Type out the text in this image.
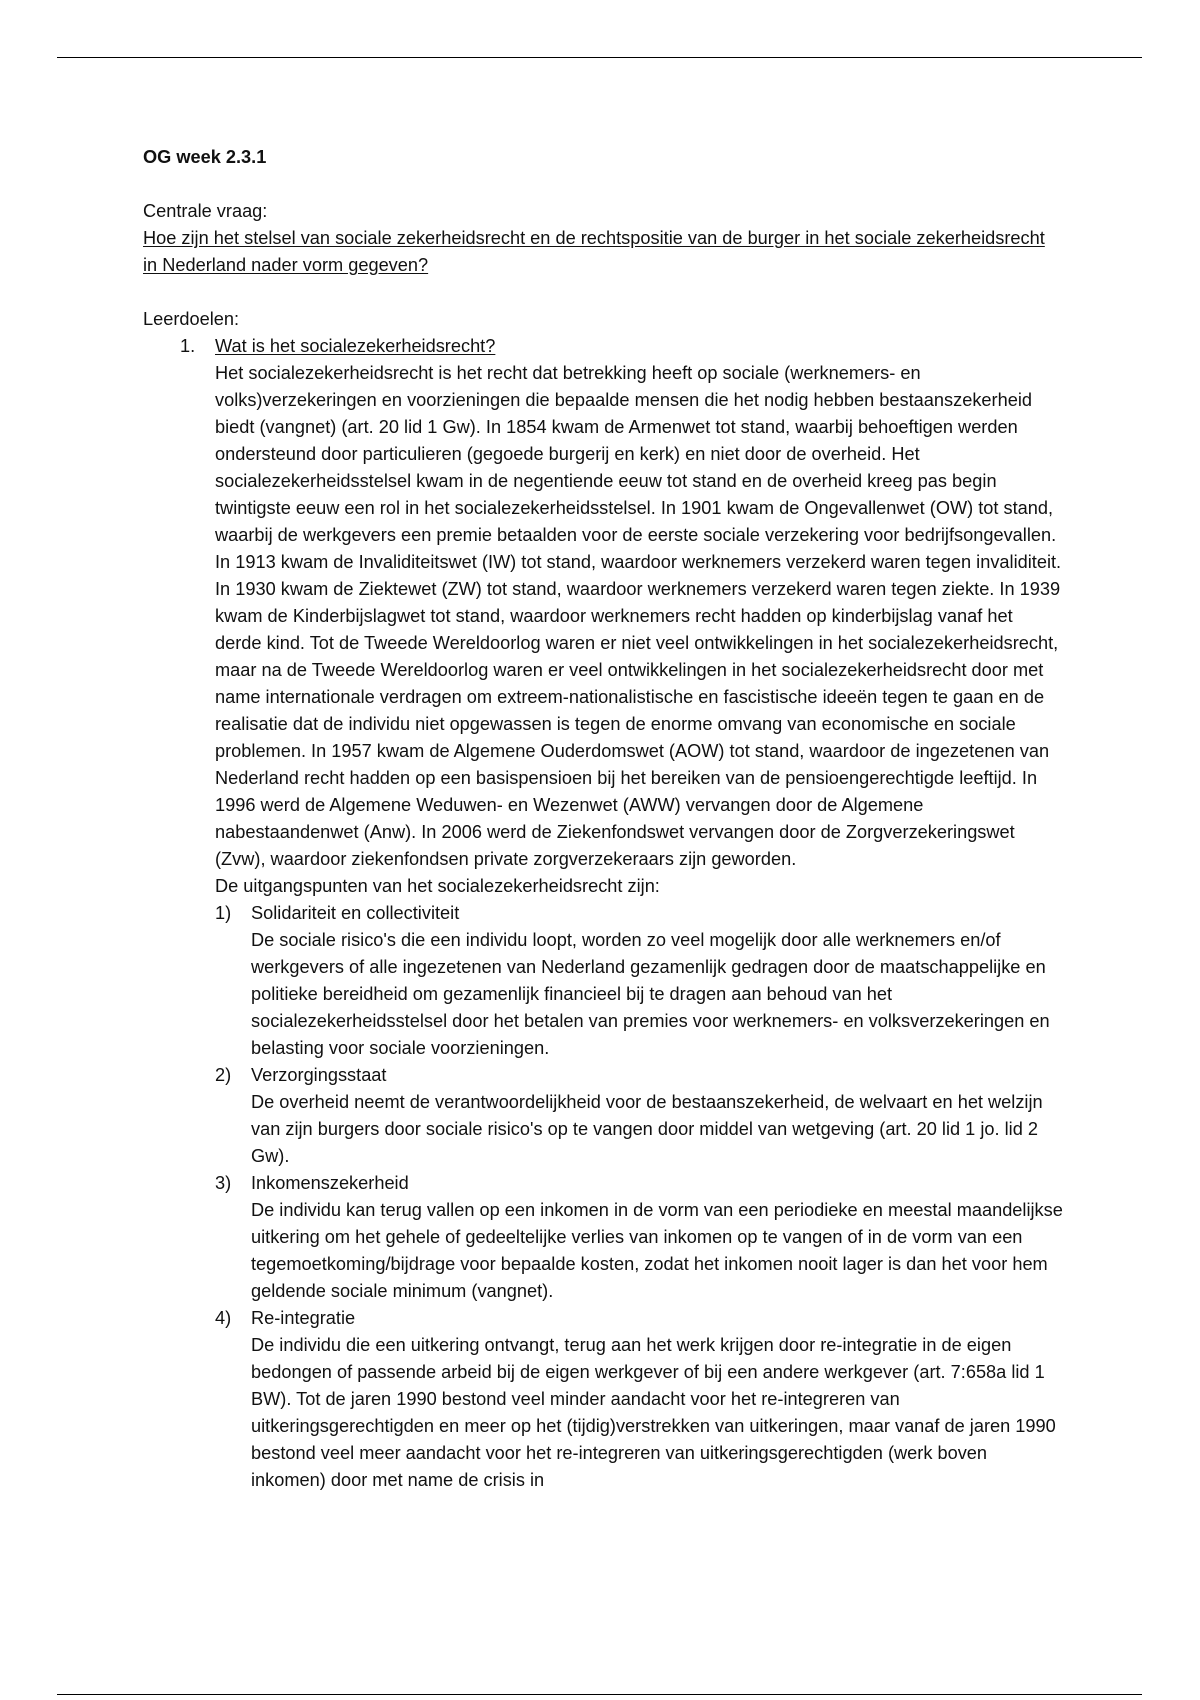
OG week 2.3.1

Centrale vraag:

Hoe zijn het stelsel van sociale zekerheidsrecht en de rechtspositie van de burger in het sociale zekerheidsrecht in Nederland nader vorm gegeven?

Leerdoelen:

1. Wat is het socialezekerheidsrecht?

Het socialezekerheidsrecht is het recht dat betrekking heeft op sociale (werknemers- en volks)verzekeringen en voorzieningen die bepaalde mensen die het nodig hebben bestaanszekerheid biedt (vangnet) (art. 20 lid 1 Gw). In 1854 kwam de Armenwet tot stand, waarbij behoeftigen werden ondersteund door particulieren (gegoede burgerij en kerk) en niet door de overheid. Het socialezekerheidsstelsel kwam in de negentiende eeuw tot stand en de overheid kreeg pas begin twintigste eeuw een rol in het socialezekerheidsstelsel. In 1901 kwam de Ongevallenwet (OW) tot stand, waarbij de werkgevers een premie betaalden voor de eerste sociale verzekering voor bedrijfsongevallen. In 1913 kwam de Invaliditeitswet (IW) tot stand, waardoor werknemers verzekerd waren tegen invaliditeit. In 1930 kwam de Ziektewet (ZW) tot stand, waardoor werknemers verzekerd waren tegen ziekte. In 1939 kwam de Kinderbijslagwet tot stand, waardoor werknemers recht hadden op kinderbijslag vanaf het derde kind. Tot de Tweede Wereldoorlog waren er niet veel ontwikkelingen in het socialezekerheidsrecht, maar na de Tweede Wereldoorlog waren er veel ontwikkelingen in het socialezekerheidsrecht door met name internationale verdragen om extreem-nationalistische en fascistische ideeën tegen te gaan en de realisatie dat de individu niet opgewassen is tegen de enorme omvang van economische en sociale problemen. In 1957 kwam de Algemene Ouderdomswet (AOW) tot stand, waardoor de ingezetenen van Nederland recht hadden op een basispensioen bij het bereiken van de pensioengerechtigde leeftijd. In 1996 werd de Algemene Weduwen- en Wezenwet (AWW) vervangen door de Algemene nabestaandenwet (Anw). In 2006 werd de Ziekenfondswet vervangen door de Zorgverzekeringswet (Zvw), waardoor ziekenfondsen private zorgverzekeraars zijn geworden.

De uitgangspunten van het socialezekerheidsrecht zijn:

1) Solidariteit en collectiviteit

De sociale risico's die een individu loopt, worden zo veel mogelijk door alle werknemers en/of werkgevers of alle ingezetenen van Nederland gezamenlijk gedragen door de maatschappelijke en politieke bereidheid om gezamenlijk financieel bij te dragen aan behoud van het socialezekerheidsstelsel door het betalen van premies voor werknemers- en volksverzekeringen en belasting voor sociale voorzieningen.

2) Verzorgingsstaat

De overheid neemt de verantwoordelijkheid voor de bestaanszekerheid, de welvaart en het welzijn van zijn burgers door sociale risico's op te vangen door middel van wetgeving (art. 20 lid 1 jo. lid 2 Gw).

3) Inkomenszekerheid

De individu kan terug vallen op een inkomen in de vorm van een periodieke en meestal maandelijkse uitkering om het gehele of gedeeltelijke verlies van inkomen op te vangen of in de vorm van een tegemoetkoming/bijdrage voor bepaalde kosten, zodat het inkomen nooit lager is dan het voor hem geldende sociale minimum (vangnet).

4) Re-integratie

De individu die een uitkering ontvangt, terug aan het werk krijgen door re-integratie in de eigen bedongen of passende arbeid bij de eigen werkgever of bij een andere werkgever (art. 7:658a lid 1 BW). Tot de jaren 1990 bestond veel minder aandacht voor het re-integreren van uitkeringsgerechtigden en meer op het (tijdig)verstrekken van uitkeringen, maar vanaf de jaren 1990 bestond veel meer aandacht voor het re-integreren van uitkeringsgerechtigden (werk boven inkomen) door met name de crisis in
